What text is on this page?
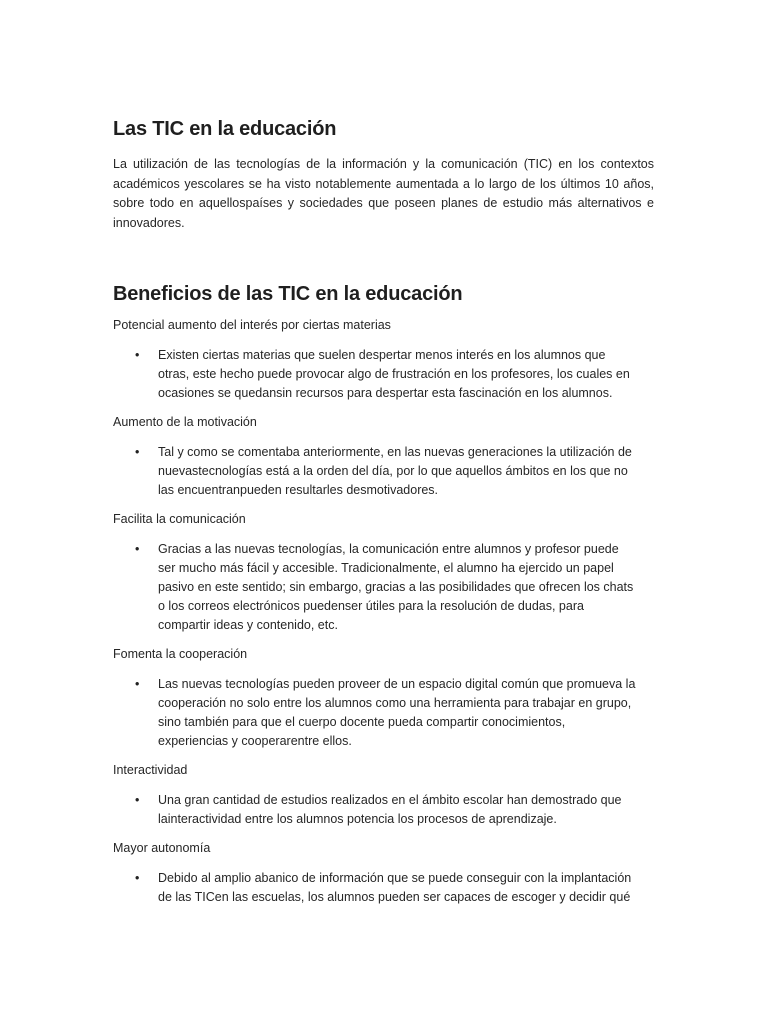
Las TIC en la educación

La utilización de las tecnologías de la información y la comunicación (TIC) en los contextos académicos yescolares se ha visto notablemente aumentada a lo largo de los últimos 10 años, sobre todo en aquellospaíses y sociedades que poseen planes de estudio más alternativos e innovadores.

Beneficios de las TIC en la educación

Potencial aumento del interés por ciertas materias

•	Existen ciertas materias que suelen despertar menos interés en los alumnos que otras, este hecho puede provocar algo de frustración en los profesores, los cuales en ocasiones se quedansin recursos para despertar esta fascinación en los alumnos.

Aumento de la motivación

•	Tal y como se comentaba anteriormente, en las nuevas generaciones la utilización de nuevastecnologías está a la orden del día, por lo que aquellos ámbitos en los que no las encuentranpueden resultarles desmotivadores.

Facilita la comunicación

•	Gracias a las nuevas tecnologías, la comunicación entre alumnos y profesor puede ser mucho más fácil y accesible. Tradicionalmente, el alumno ha ejercido un papel pasivo en este sentido; sin embargo, gracias a las posibilidades que ofrecen los chats o los correos electrónicos puedenser útiles para la resolución de dudas, para compartir ideas y contenido, etc.

Fomenta la cooperación

•	Las nuevas tecnologías pueden proveer de un espacio digital común que promueva la cooperación no solo entre los alumnos como una herramienta para trabajar en grupo, sino también para que el cuerpo docente pueda compartir conocimientos, experiencias y cooperarentre ellos.

Interactividad

•	Una gran cantidad de estudios realizados en el ámbito escolar han demostrado que lainteractividad entre los alumnos potencia los procesos de aprendizaje.

Mayor autonomía

•	Debido al amplio abanico de información que se puede conseguir con la implantación de las TICen las escuelas, los alumnos pueden ser capaces de escoger y decidir qué
